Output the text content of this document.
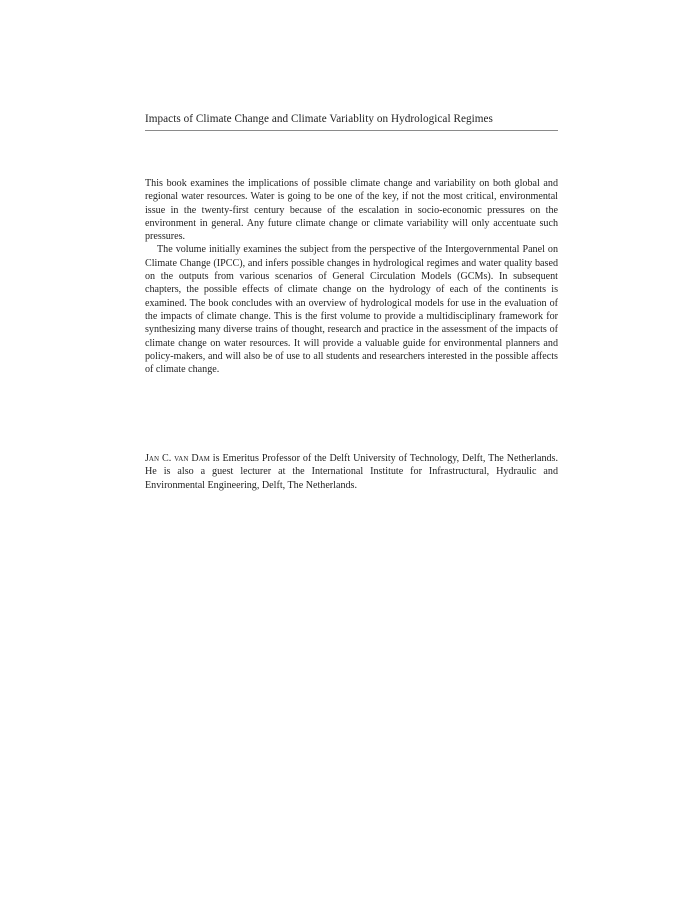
Impacts of Climate Change and Climate Variablity on Hydrological Regimes

This book examines the implications of possible climate change and variability on both global and regional water resources. Water is going to be one of the key, if not the most critical, environmental issue in the twenty-first century because of the escalation in socio-economic pressures on the environment in general. Any future climate change or climate variability will only accentuate such pressures.

The volume initially examines the subject from the perspective of the Intergovernmental Panel on Climate Change (IPCC), and infers possible changes in hydrological regimes and water quality based on the outputs from various scenarios of General Circulation Models (GCMs). In subsequent chapters, the possible effects of climate change on the hydrology of each of the continents is examined. The book concludes with an overview of hydrological models for use in the evaluation of the impacts of climate change. This is the first volume to provide a multidisciplinary framework for synthesizing many diverse trains of thought, research and practice in the assessment of the impacts of climate change on water resources. It will provide a valuable guide for environmental planners and policy-makers, and will also be of use to all students and researchers interested in the possible affects of climate change.

Jan C. van Dam is Emeritus Professor of the Delft University of Technology, Delft, The Netherlands. He is also a guest lecturer at the International Institute for Infrastructural, Hydraulic and Environmental Engineering, Delft, The Netherlands.
